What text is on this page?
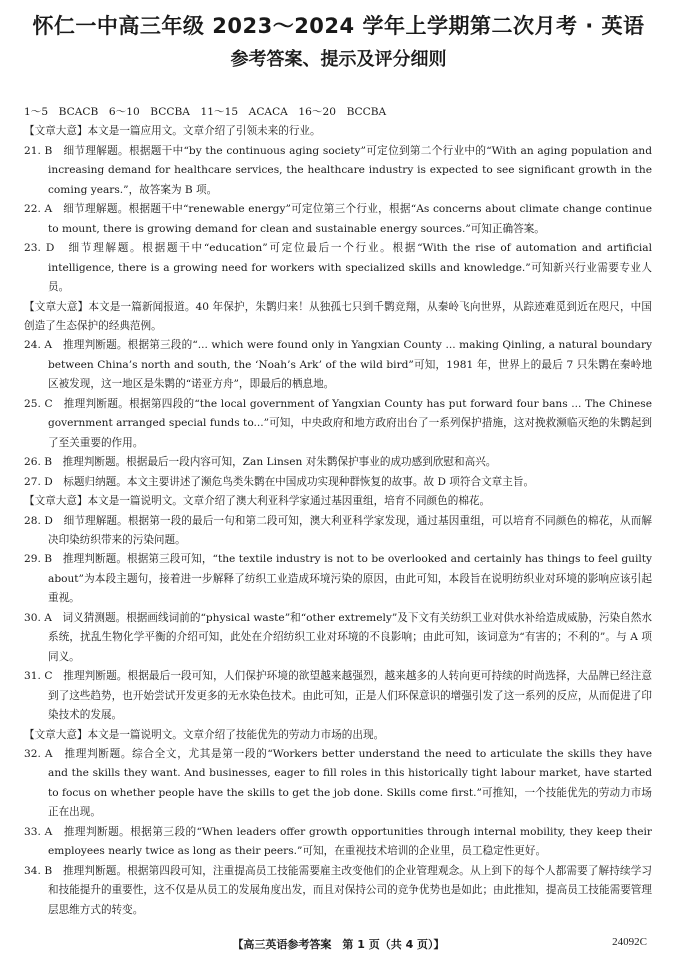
怀仁一中高三年级 2023～2024 学年上学期第二次月考 · 英语
参考答案、提示及评分细则

1～5　BCACB　6～10　BCCBA　11～15　ACACA　16～20　BCCBA

【文章大意】本文是一篇应用文。文章介绍了引领未来的行业。

21. B　细节理解题。根据题干中“by the continuous aging society”可定位到第二个行业中的“With an aging population and increasing demand for healthcare services, the healthcare industry is expected to see significant growth in the coming years.”，故答案为 B 项。

22. A　细节理解题。根据题干中“renewable energy”可定位第三个行业，根据“As concerns about climate change continue to mount, there is growing demand for clean and sustainable energy sources.”可知正确答案。

23. D　细节理解题。根据题干中“education”可定位最后一个行业。根据“With the rise of automation and artificial intelligence, there is a growing need for workers with specialized skills and knowledge.”可知新兴行业需要专业人员。

【文章大意】本文是一篇新闻报道。40 年保护，朱鹮归来！从独孤七只到千鹮竞翔，从秦岭飞向世界，从踪迹难觅到近在咫尺，中国创造了生态保护的经典范例。

24. A　推理判断题。根据第三段的“... which were found only in Yangxian County ... making Qinling, a natural boundary between China’s north and south, the ‘Noah’s Ark’ of the wild bird”可知，1981 年，世界上的最后 7 只朱鹮在秦岭地区被发现，这一地区是朱鹮的“诺亚方舟”，即最后的栖息地。

25. C　推理判断题。根据第四段的“the local government of Yangxian County has put forward four bans ... The Chinese government arranged special funds to...”可知，中央政府和地方政府出台了一系列保护措施，这对挽救濒临灭绝的朱鹮起到了至关重要的作用。

26. B　推理判断题。根据最后一段内容可知，Zan Linsen 对朱鹮保护事业的成功感到欣慰和高兴。

27. D　标题归纳题。本文主要讲述了濒危鸟类朱鹮在中国成功实现种群恢复的故事。故 D 项符合文章主旨。

【文章大意】本文是一篇说明文。文章介绍了澳大利亚科学家通过基因重组，培育不同颜色的棉花。

28. D　细节理解题。根据第一段的最后一句和第二段可知，澳大利亚科学家发现，通过基因重组，可以培育不同颜色的棉花，从而解决印染纺织带来的污染问题。

29. B　推理判断题。根据第三段可知，“the textile industry is not to be overlooked and certainly has things to feel guilty about”为本段主题句，接着进一步解释了纺织工业造成环境污染的原因，由此可知，本段旨在说明纺织业对环境的影响应该引起重视。

30. A　词义猜测题。根据画线词前的“physical waste”和“other extremely”及下文有关纺织工业对供水补给造成威胁，污染自然水系统，扰乱生物化学平衡的介绍可知，此处在介绍纺织工业对环境的不良影响；由此可知，该词意为“有害的；不利的”。与 A 项同义。

31. C　推理判断题。根据最后一段可知，人们保护环境的欲望越来越强烈，越来越多的人转向更可持续的时尚选择，大品牌已经注意到了这些趋势，也开始尝试开发更多的无水染色技术。由此可知，正是人们环保意识的增强引发了这一系列的反应，从而促进了印染技术的发展。

【文章大意】本文是一篇说明文。文章介绍了技能优先的劳动力市场的出现。

32. A　推理判断题。综合全文，尤其是第一段的“Workers better understand the need to articulate the skills they have and the skills they want. And businesses, eager to fill roles in this historically tight labour market, have started to focus on whether people have the skills to get the job done. Skills come first.”可推知，一个技能优先的劳动力市场正在出现。

33. A　推理判断题。根据第三段的“When leaders offer growth opportunities through internal mobility, they keep their employees nearly twice as long as their peers.”可知，在重视技术培训的企业里，员工稳定性更好。

34. B　推理判断题。根据第四段可知，注重提高员工技能需要雇主改变他们的企业管理观念。从上到下的每个人都需要了解持续学习和技能提升的重要性，这不仅是从员工的发展角度出发，而且对保持公司的竞争优势也是如此；由此推知，提高员工技能需要管理层思维方式的转变。

【高三英语参考答案　第 1 页（共 4 页）】	24092C
